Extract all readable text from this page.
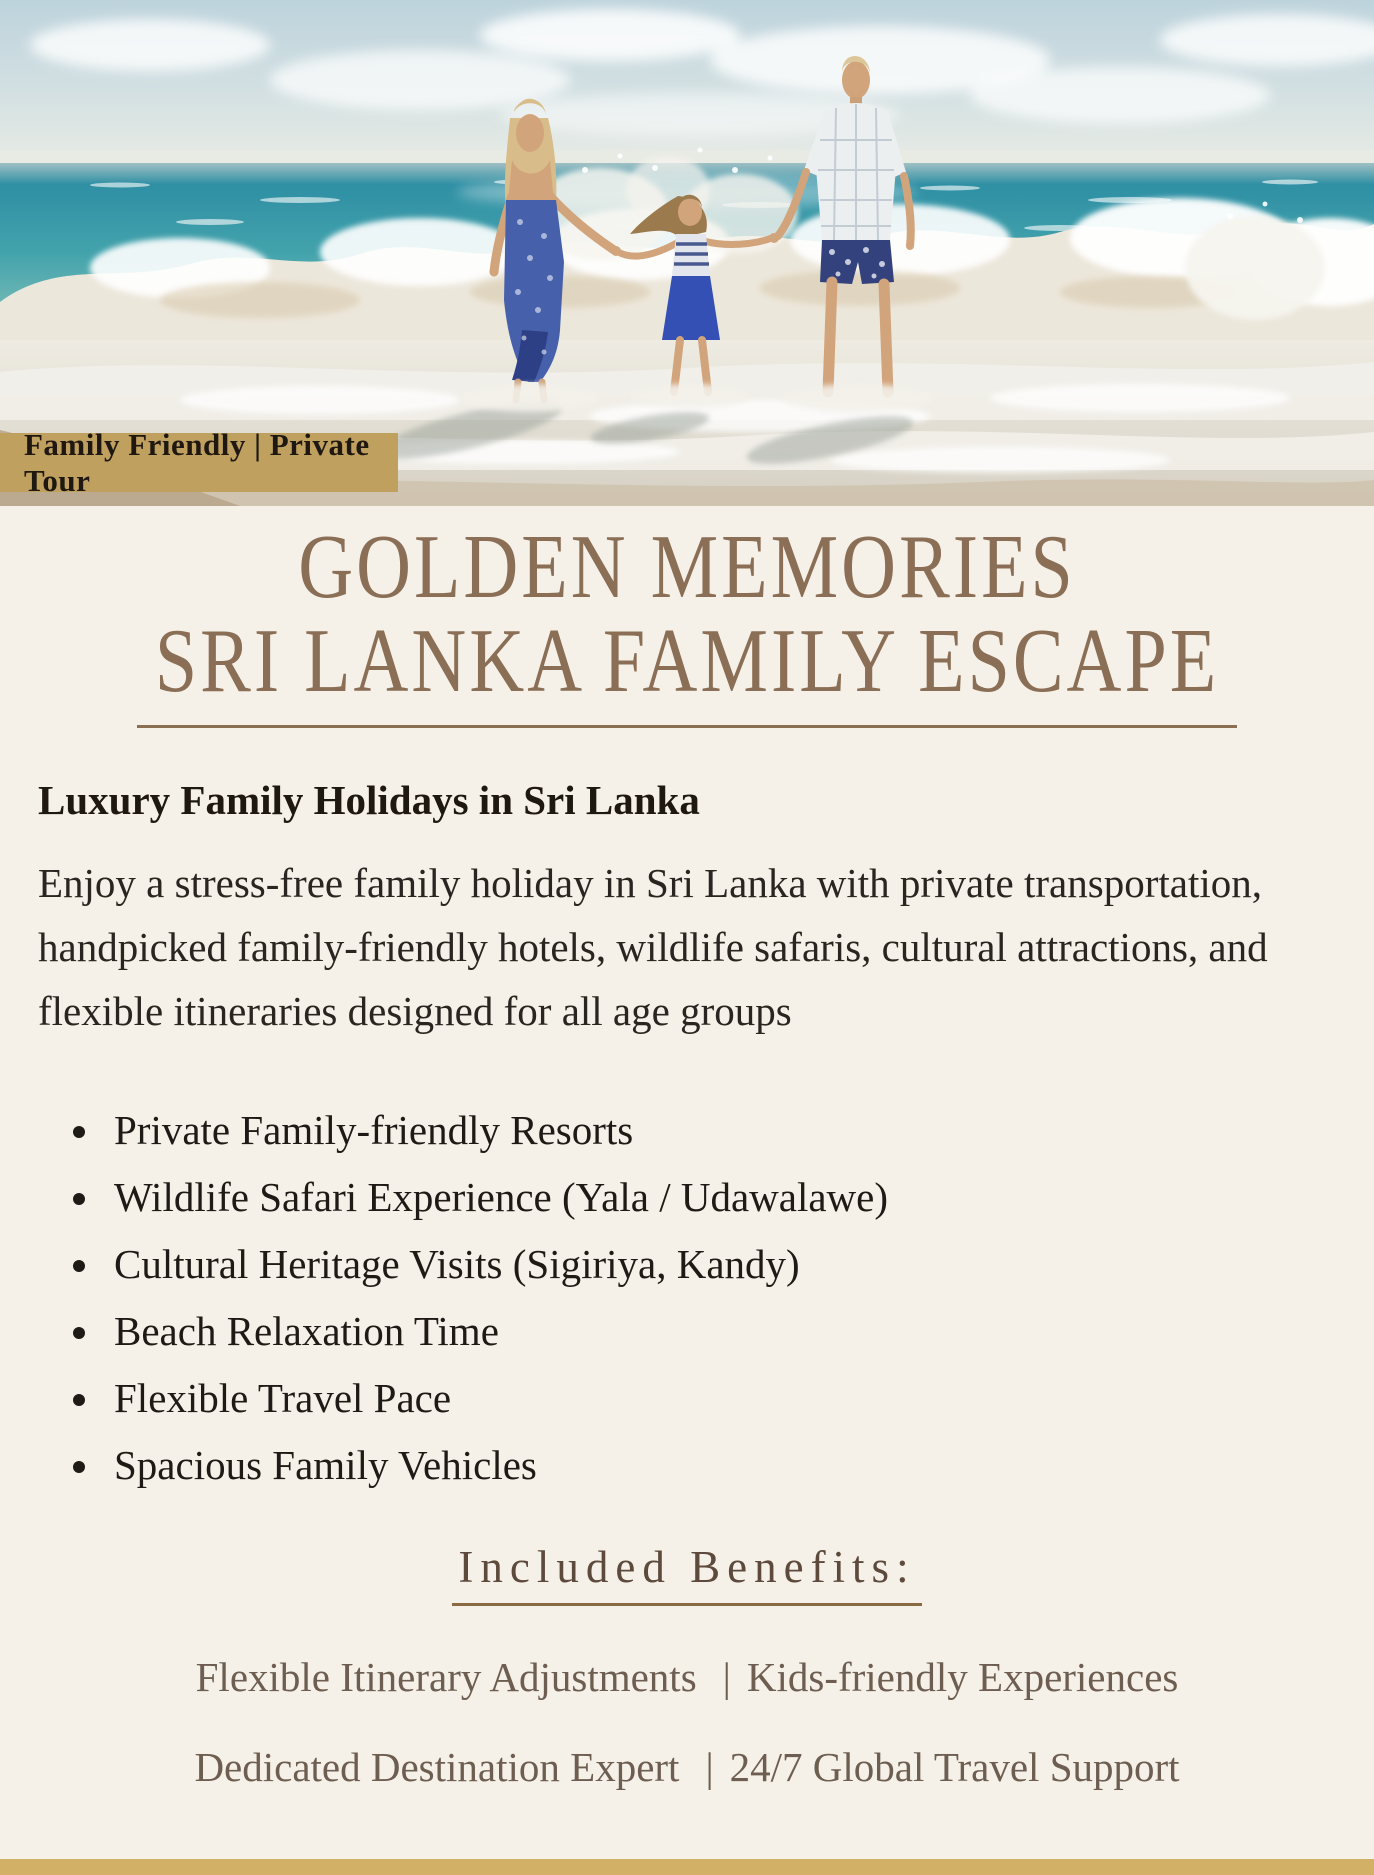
Family Friendly | Private Tour
GOLDEN MEMORIES
SRI LANKA FAMILY ESCAPE
Luxury Family Holidays in Sri Lanka

Enjoy a stress-free family holiday in Sri Lanka with private transportation, handpicked family-friendly hotels, wildlife safaris, cultural attractions, and flexible itineraries designed for all age groups

• Private Family-friendly Resorts
• Wildlife Safari Experience (Yala / Udawalawe)
• Cultural Heritage Visits (Sigiriya, Kandy)
• Beach Relaxation Time
• Flexible Travel Pace
• Spacious Family Vehicles
Included Benefits:
Flexible Itinerary Adjustments | Kids-friendly Experiences
Dedicated Destination Expert | 24/7 Global Travel Support
